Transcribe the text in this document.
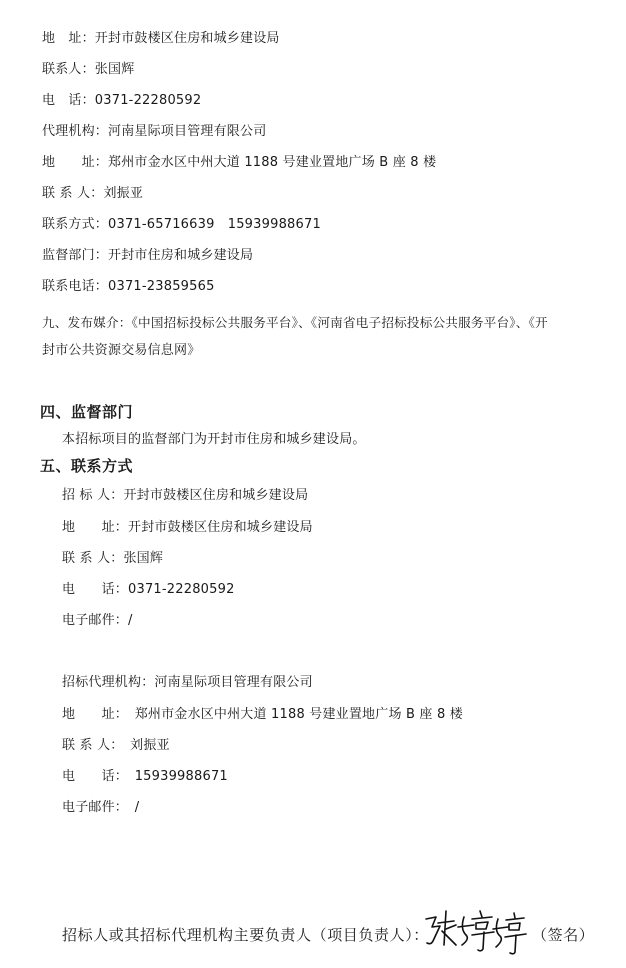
地　址：开封市鼓楼区住房和城乡建设局
联系人：张国辉
电　话：0371-22280592
代理机构：河南星际项目管理有限公司
地　　址：郑州市金水区中州大道 1188 号建业置地广场 B 座 8 楼
联 系 人：刘振亚
联系方式：0371-65716639　15939988671
监督部门：开封市住房和城乡建设局
联系电话：0371-23859565
九、发布媒介：《中国招标投标公共服务平台》、《河南省电子招标投标公共服务平台》、《开
封市公共资源交易信息网》
四、监督部门
本招标项目的监督部门为开封市住房和城乡建设局。
五、联系方式
招 标 人：开封市鼓楼区住房和城乡建设局
地　　址：开封市鼓楼区住房和城乡建设局
联 系 人：张国辉
电　　话：0371-22280592
电子邮件：/
招标代理机构：河南星际项目管理有限公司
地　　址：　郑州市金水区中州大道 1188 号建业置地广场 B 座 8 楼
联 系 人：　刘振亚
电　　话：　15939988671
电子邮件：　/
招标人或其招标代理机构主要负责人（项目负责人）：	（签名）
